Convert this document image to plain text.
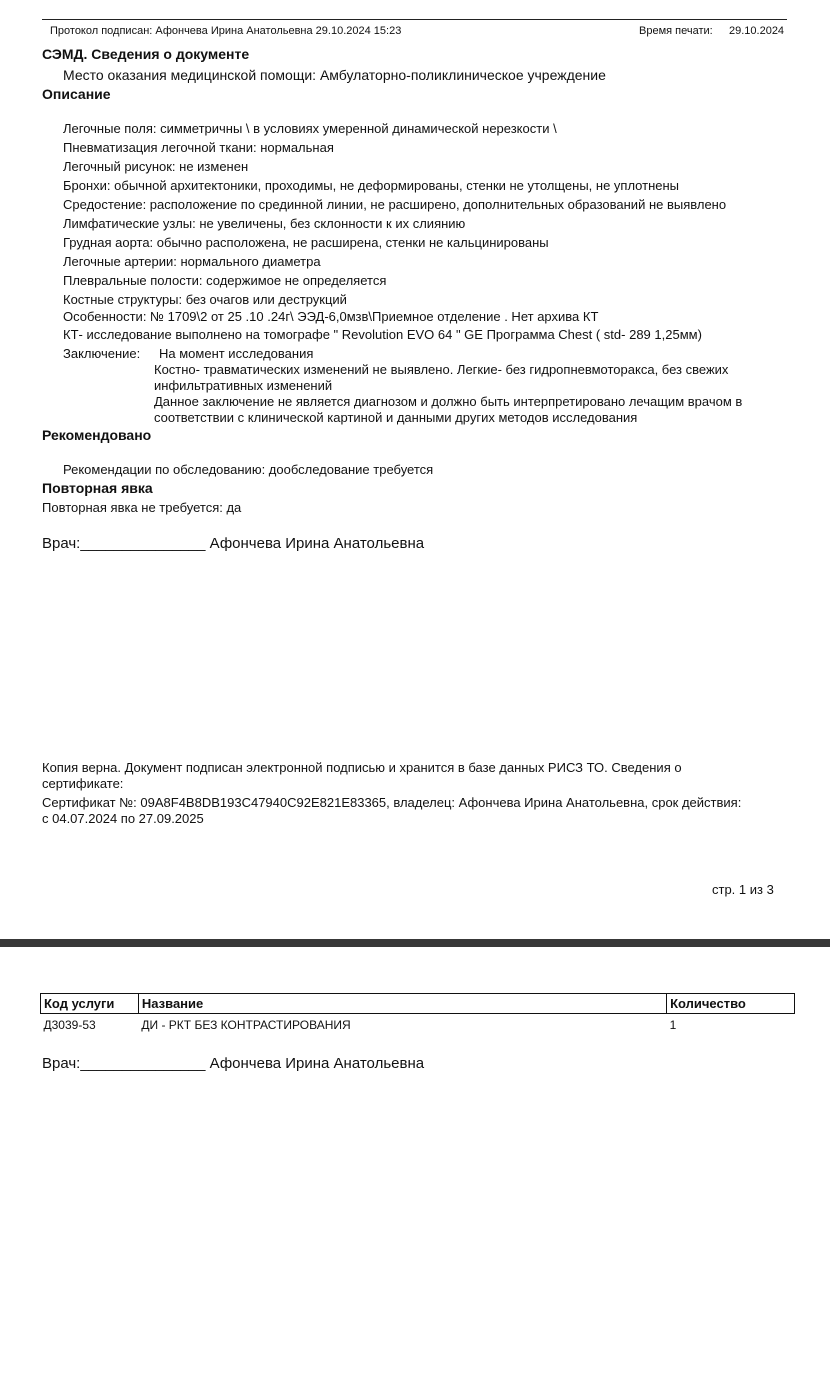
Протокол подписан: Афончева Ирина Анатольевна 29.10.2024 15:23	Время печати: 29.10.2024
СЭМД. Сведения о документе
Место оказания медицинской помощи: Амбулаторно-поликлиническое учреждение
Описание
Легочные поля: симметричны \ в условиях умеренной динамической нерезкости \
Пневматизация легочной ткани: нормальная
Легочный рисунок: не изменен
Бронхи: обычной архитектоники, проходимы, не деформированы, стенки не утолщены, не уплотнены
Средостение: расположение по срединной линии, не расширено, дополнительных образований не выявлено
Лимфатические узлы: не увеличены, без склонности к их слиянию
Грудная аорта: обычно расположена, не расширена, стенки не кальцинированы
Легочные артерии: нормального диаметра
Плевральные полости: содержимое не определяется
Костные структуры: без очагов или деструкций
Особенности: № 1709\2 от 25 .10 .24г\ ЭЭД-6,0мзв\Приемное отделение . Нет архива КТ
КТ- исследование выполнено на томографе " Revolution EVO 64 " GE Программа Chest ( std- 289 1,25мм)
Заключение: На момент исследования
Костно- травматических изменений не выявлено. Легкие- без гидропневмоторакса, без свежих
инфильтративных изменений
Данное заключение не является диагнозом и должно быть интерпретировано лечащим врачом в
соответствии с клинической картиной и данными других методов исследования
Рекомендовано
Рекомендации по обследованию: дообследование требуется
Повторная явка
Повторная явка не требуется: да
Врач:_______________ Афончева Ирина Анатольевна
Копия верна. Документ подписан электронной подписью и хранится в базе данных РИСЗ ТО. Сведения о
сертификате:
Сертификат №: 09A8F4B8DB193C47940C92E821E83365, владелец: Афончева Ирина Анатольевна, срок действия:
с 04.07.2024 по 27.09.2025
стр. 1 из 3
Код услуги	Название	Количество
Д3039-53	ДИ - РКТ БЕЗ КОНТРАСТИРОВАНИЯ	1
Врач:_______________ Афончева Ирина Анатольевна
